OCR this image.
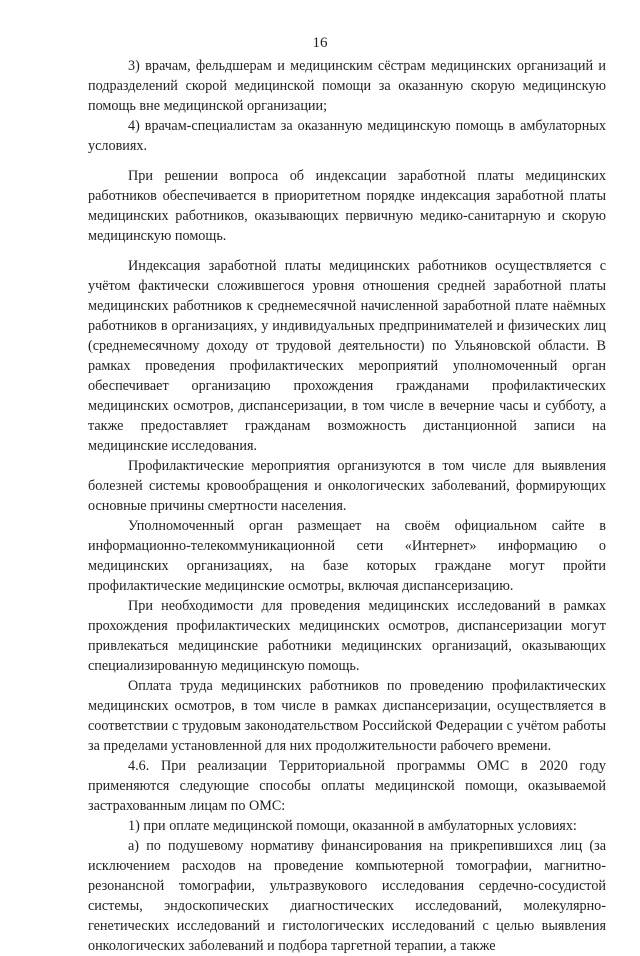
16

3) врачам, фельдшерам и медицинским сёстрам медицинских организаций и подразделений скорой медицинской помощи за оказанную скорую медицинскую помощь вне медицинской организации;

4) врачам-специалистам за оказанную медицинскую помощь в амбулаторных условиях.

При решении вопроса об индексации заработной платы медицинских работников обеспечивается в приоритетном порядке индексация заработной платы медицинских работников, оказывающих первичную медико-санитарную и скорую медицинскую помощь.

Индексация заработной платы медицинских работников осуществляется с учётом фактически сложившегося уровня отношения средней заработной платы медицинских работников к среднемесячной начисленной заработной плате наёмных работников в организациях, у индивидуальных предпринимателей и физических лиц (среднемесячному доходу от трудовой деятельности) по Ульяновской области. В рамках проведения профилактических мероприятий уполномоченный орган обеспечивает организацию прохождения гражданами профилактических медицинских осмотров, диспансеризации, в том числе в вечерние часы и субботу, а также предоставляет гражданам возможность дистанционной записи на медицинские исследования.

Профилактические мероприятия организуются в том числе для выявления болезней системы кровообращения и онкологических заболеваний, формирующих основные причины смертности населения.

Уполномоченный орган размещает на своём официальном сайте в информационно-телекоммуникационной сети «Интернет» информацию о медицинских организациях, на базе которых граждане могут пройти профилактические медицинские осмотры, включая диспансеризацию.

При необходимости для проведения медицинских исследований в рамках прохождения профилактических медицинских осмотров, диспансеризации могут привлекаться медицинские работники медицинских организаций, оказывающих специализированную медицинскую помощь.

Оплата труда медицинских работников по проведению профилактических медицинских осмотров, в том числе в рамках диспансеризации, осуществляется в соответствии с трудовым законодательством Российской Федерации с учётом работы за пределами установленной для них продолжительности рабочего времени.

4.6. При реализации Территориальной программы ОМС в 2020 году применяются следующие способы оплаты медицинской помощи, оказываемой застрахованным лицам по ОМС:

1) при оплате медицинской помощи, оказанной в амбулаторных условиях:

а) по подушевому нормативу финансирования на прикрепившихся лиц (за исключением расходов на проведение компьютерной томографии, магнитно-резонансной томографии, ультразвукового исследования сердечно-сосудистой системы, эндоскопических диагностических исследований, молекулярно-генетических исследований и гистологических исследований с целью выявления онкологических заболеваний и подбора таргетной терапии, а также
